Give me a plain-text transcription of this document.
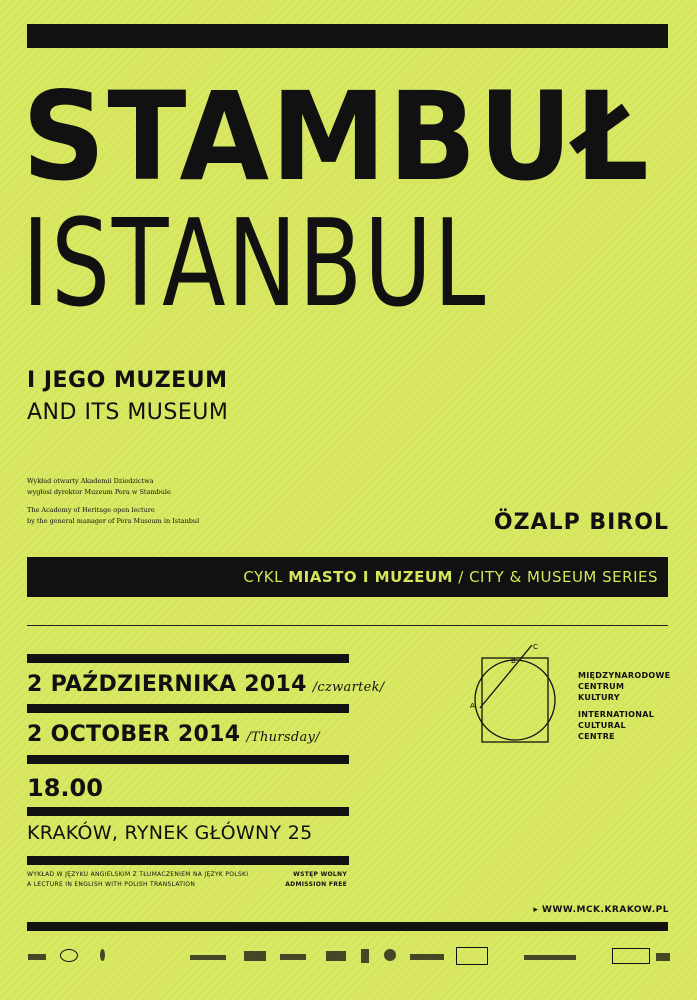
STAMBUŁ
ISTANBUL
I JEGO MUZEUM
AND ITS MUSEUM
Wykład otwarty Akademii Dziedzictwa
wygłosi dyrektor Muzeum Pera w Stambule
The Academy of Heritage open lecture
by the general manager of Pera Museum in Istanbul	ÖZALP BIROL
CYKL MIASTO I MUZEUM / CITY & MUSEUM SERIES
2 PAŹDZIERNIKA 2014 /czwartek/
2 OCTOBER 2014 /Thursday/
18.00
KRAKÓW, RYNEK GŁÓWNY 25
WYKŁAD W JĘZYKU ANGIELSKIM Z TŁUMACZENIEM NA JĘZYK POLSKI
A LECTURE IN ENGLISH WITH POLISH TRANSLATION
WSTĘP WOLNY
ADMISSION FREE
A
B
C
MIĘDZYNARODOWE
CENTRUM
KULTURY
INTERNATIONAL
CULTURAL
CENTRE
▸ WWW.MCK.KRAKOW.PL
